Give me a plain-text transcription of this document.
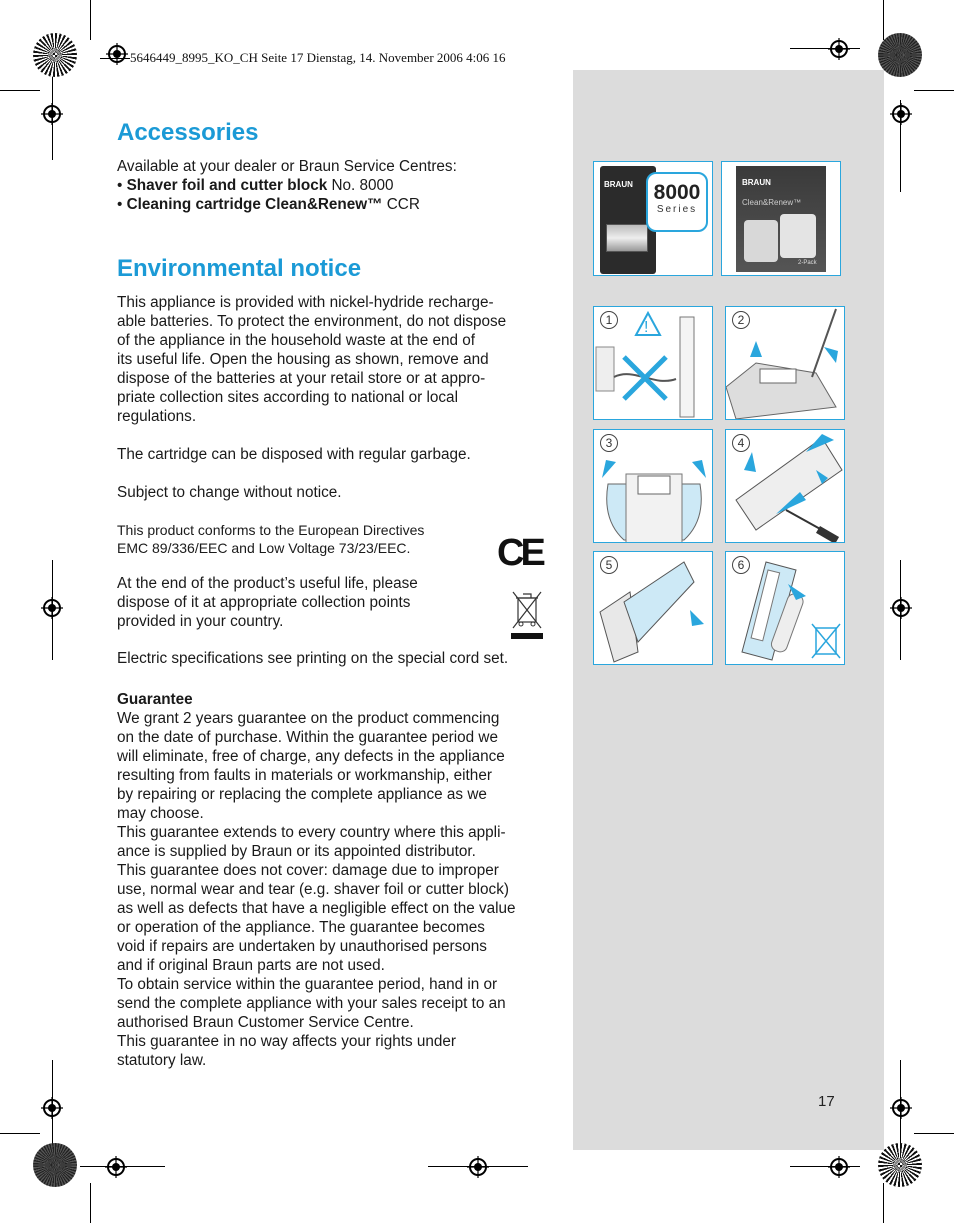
5646449_8995_KO_CH Seite 17 Dienstag, 14. November 2006 4:06 16
Accessories

Available at your dealer or Braun Service Centres:

• Shaver foil and cutter block No. 8000

• Cleaning cartridge Clean&Renew™ CCR

Environmental notice

This appliance is provided with nickel-hydride recharge-
able batteries. To protect the environment, do not dispose
of the appliance in the household waste at the end of
its useful life. Open the housing as shown, remove and
dispose of the batteries at your retail store or at appro-
priate collection sites according to national or local
regulations.

The cartridge can be disposed with regular garbage.

Subject to change without notice.

This product conforms to the European Directives
EMC 89/336/EEC and Low Voltage 73/23/EEC.

At the end of the product’s useful life, please
dispose of it at appropriate collection points
provided in your country.

Electric specifications see printing on the special cord set.

Guarantee

We grant 2 years guarantee on the product commencing
on the date of purchase. Within the guarantee period we
will eliminate, free of charge, any defects in the appliance
resulting from faults in materials or workmanship, either
by repairing or replacing the complete appliance as we
may choose.
This guarantee extends to every country where this appli-
ance is supplied by Braun or its appointed distributor.
This guarantee does not cover: damage due to improper
use, normal wear and tear (e.g. shaver foil or cutter block)
as well as defects that have a negligible effect on the value
or operation of the appliance. The guarantee becomes
void if repairs are undertaken by unauthorised persons
and if original Braun parts are not used.
To obtain service within the guarantee period, hand in or
send the complete appliance with your sales receipt to an
authorised Braun Customer Service Centre.
This guarantee in no way affects your rights under
statutory law.

CE
BRAUN 8000
Series
BRAUN
Clean&Renew™
2-Pack
1	!	2
3	4
5	6
17
